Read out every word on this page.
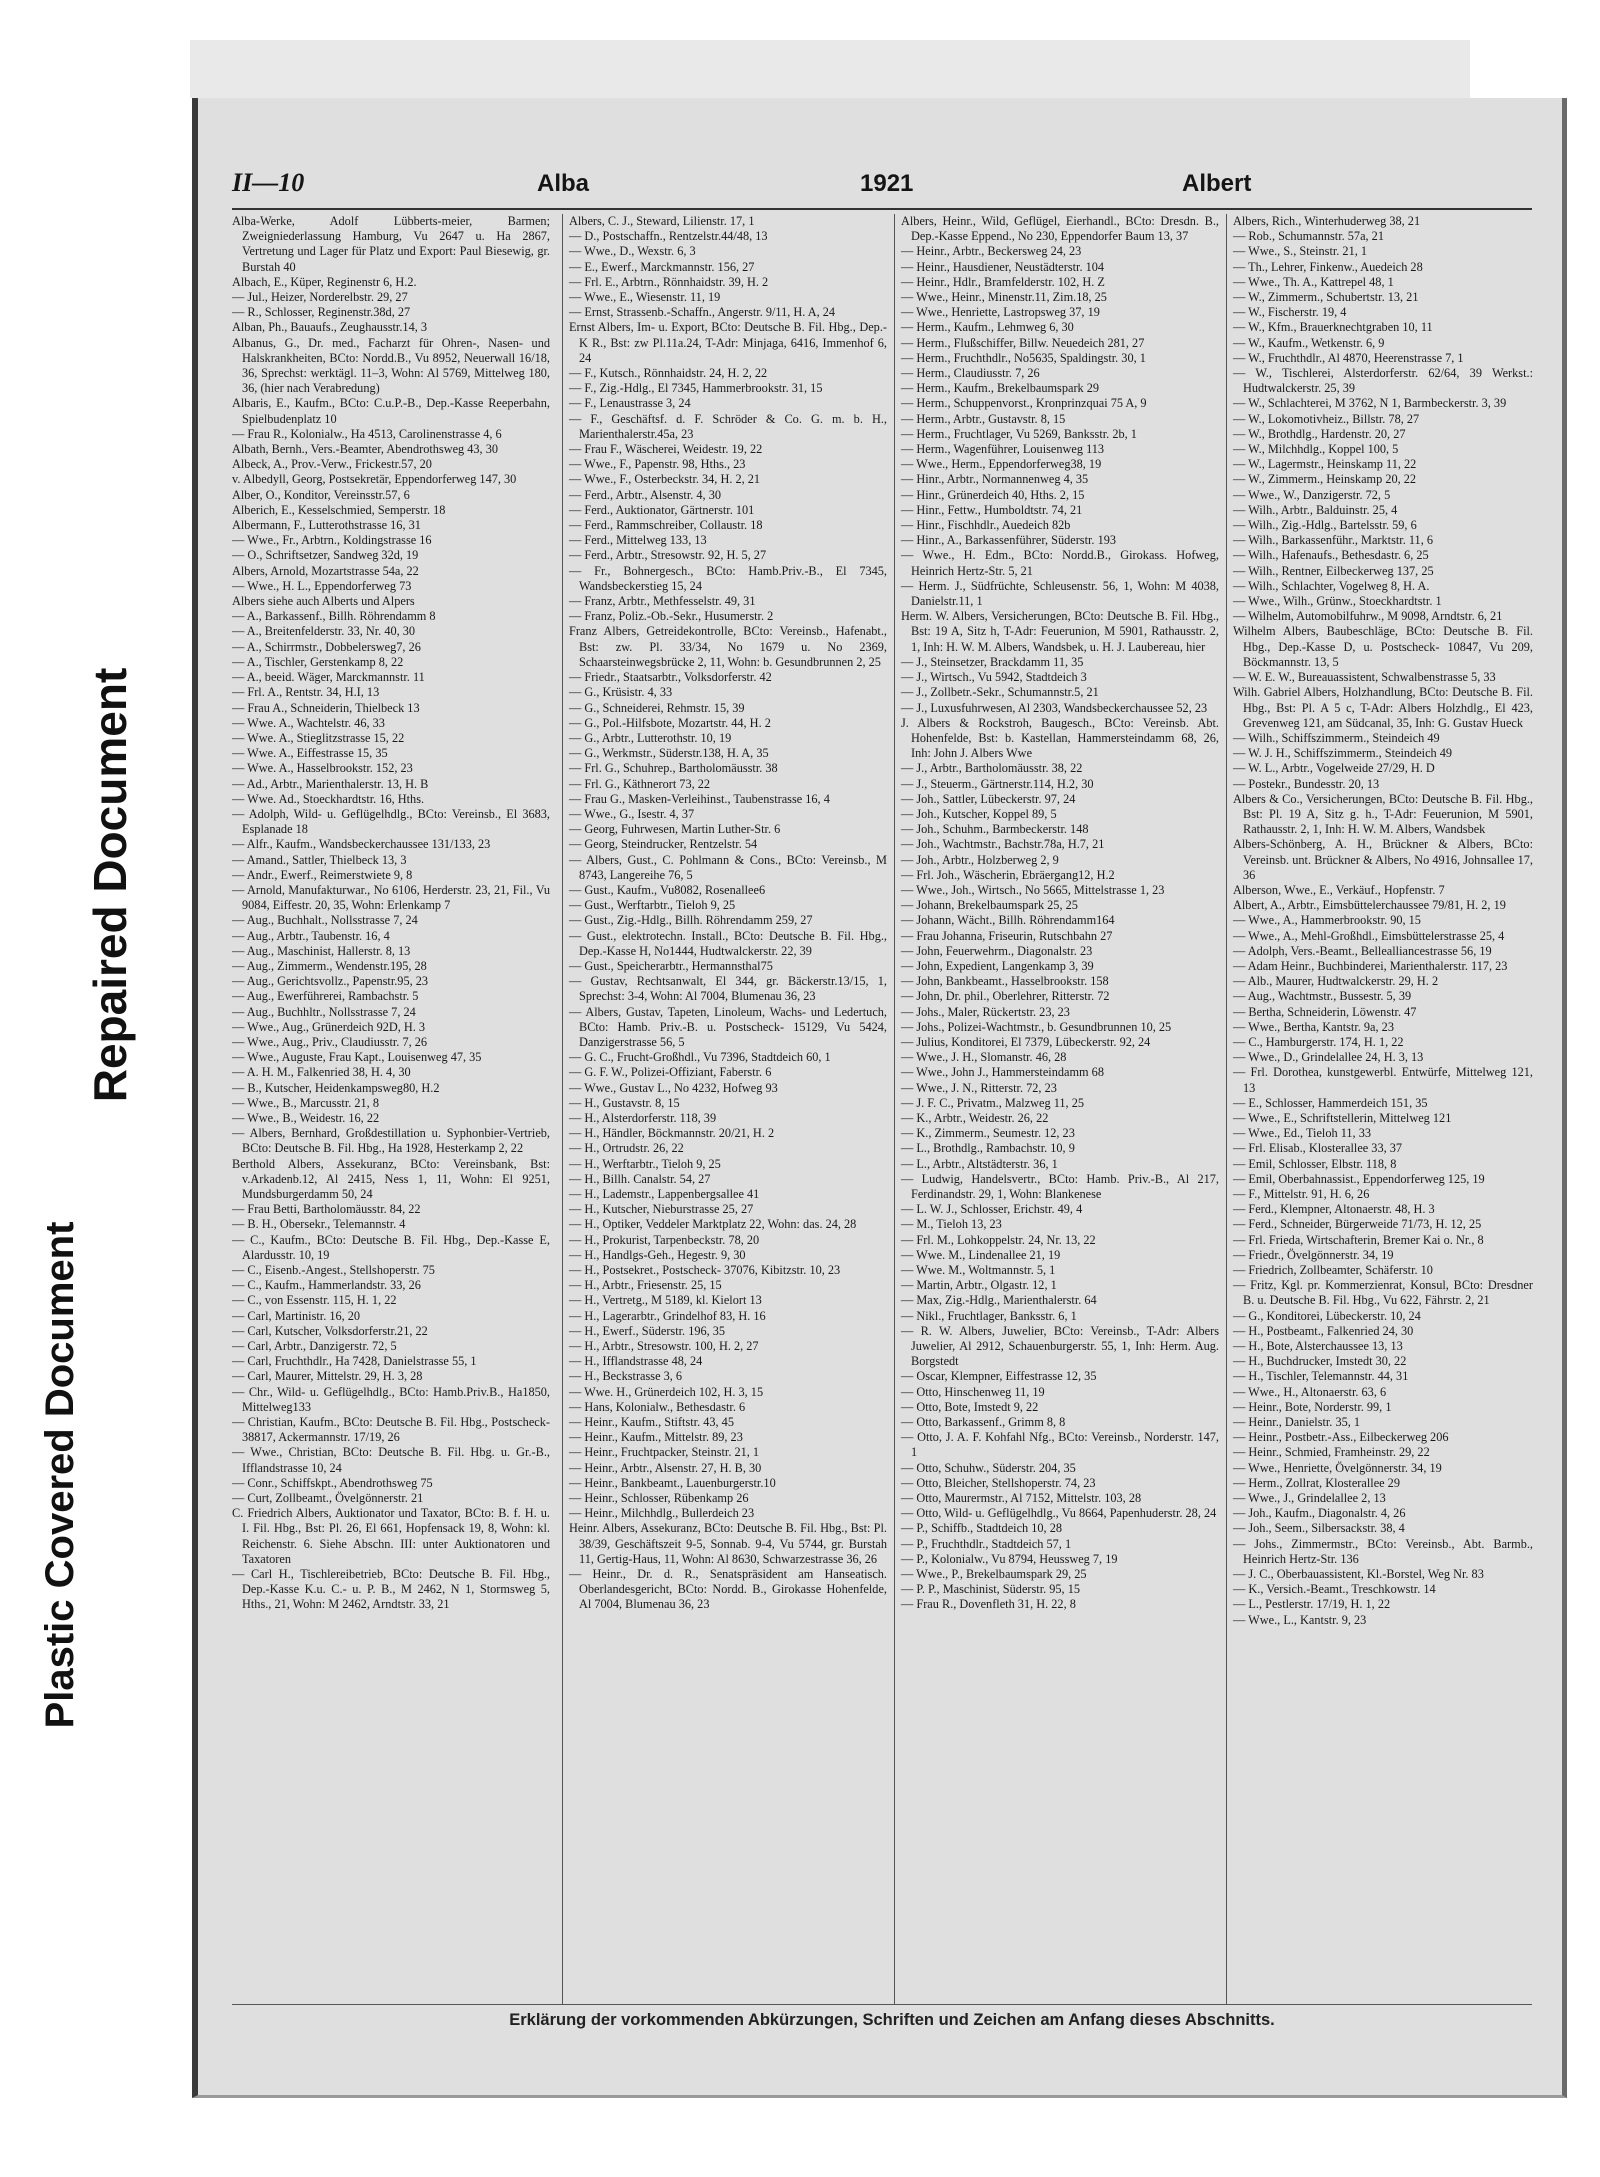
Plastic Covered Document
Repaired Document
II—10	Alba	1921	Albert

Alba-Werke, Adolf Lübberts-meier, Barmen; Zweigniederlassung Hamburg, Vu 2647 u. Ha 2867, Vertretung und Lager für Platz und Export: Paul Biesewig, gr. Burstah 40

Albach, E., Küper, Reginenstr 6, H.2.

— Jul., Heizer, Norderelbstr. 29, 27

— R., Schlosser, Reginenstr.38d, 27

Alban, Ph., Bauaufs., Zeughausstr.14, 3

Albanus, G., Dr. med., Facharzt für Ohren-, Nasen- und Halskrankheiten, BCto: Nordd.B., Vu 8952, Neuerwall 16/18, 36, Sprechst: werktägl. 11–3, Wohn: Al 5769, Mittelweg 180, 36, (hier nach Verabredung)

Albaris, E., Kaufm., BCto: C.u.P.-B., Dep.-Kasse Reeperbahn, Spielbudenplatz 10

— Frau R., Kolonialw., Ha 4513, Carolinenstrasse 4, 6

Albath, Bernh., Vers.-Beamter, Abendrothsweg 43, 30

Albeck, A., Prov.-Verw., Frickestr.57, 20

v. Albedyll, Georg, Postsekretär, Eppendorferweg 147, 30

Alber, O., Konditor, Vereinsstr.57, 6

Alberich, E., Kesselschmied, Semperstr. 18

Albermann, F., Lutterothstrasse 16, 31

— Wwe., Fr., Arbtrn., Koldingstrasse 16

— O., Schriftsetzer, Sandweg 32d, 19

Albers, Arnold, Mozartstrasse 54a, 22

— Wwe., H. L., Eppendorferweg 73

Albers siehe auch Alberts und Alpers

— A., Barkassenf., Billh. Röhrendamm 8

— A., Breitenfelderstr. 33, Nr. 40, 30

— A., Schirrmstr., Dobbelersweg7, 26

— A., Tischler, Gerstenkamp 8, 22

— A., beeid. Wäger, Marckmannstr. 11

— Frl. A., Rentstr. 34, H.I, 13

— Frau A., Schneiderin, Thielbeck 13

— Wwe. A., Wachtelstr. 46, 33

— Wwe. A., Stieglitzstrasse 15, 22

— Wwe. A., Eiffestrasse 15, 35

— Wwe. A., Hasselbrookstr. 152, 23

— Ad., Arbtr., Marienthalerstr. 13, H. B

— Wwe. Ad., Stoeckhardtstr. 16, Hths.

— Adolph, Wild- u. Geflügelhdlg., BCto: Vereinsb., El 3683, Esplanade 18

— Alfr., Kaufm., Wandsbeckerchaussee 131/133, 23

— Amand., Sattler, Thielbeck 13, 3

— Andr., Ewerf., Reimerstwiete 9, 8

— Arnold, Manufakturwar., No 6106, Herderstr. 23, 21, Fil., Vu 9084, Eiffestr. 20, 35, Wohn: Erlenkamp 7

— Aug., Buchhalt., Nollsstrasse 7, 24

— Aug., Arbtr., Taubenstr. 16, 4

— Aug., Maschinist, Hallerstr. 8, 13

— Aug., Zimmerm., Wendenstr.195, 28

— Aug., Gerichtsvollz., Papenstr.95, 23

— Aug., Ewerführerei, Rambachstr. 5

— Aug., Buchhltr., Nollsstrasse 7, 24

— Wwe., Aug., Grünerdeich 92D, H. 3

— Wwe., Aug., Priv., Claudiusstr. 7, 26

— Wwe., Auguste, Frau Kapt., Louisenweg 47, 35

— A. H. M., Falkenried 38, H. 4, 30

— B., Kutscher, Heidenkampsweg80, H.2

— Wwe., B., Marcusstr. 21, 8

— Wwe., B., Weidestr. 16, 22

— Albers, Bernhard, Großdestillation u. Syphonbier-Vertrieb, BCto: Deutsche B. Fil. Hbg., Ha 1928, Hesterkamp 2, 22

Berthold Albers, Assekuranz, BCto: Vereinsbank, Bst: v.Arkadenb.12, Al 2415, Ness 1, 11, Wohn: El 9251, Mundsburgerdamm 50, 24

— Frau Betti, Bartholomäusstr. 84, 22

— B. H., Obersekr., Telemannstr. 4

— C., Kaufm., BCto: Deutsche B. Fil. Hbg., Dep.-Kasse E, Alardusstr. 10, 19

— C., Eisenb.-Angest., Stellshoperstr. 75

— C., Kaufm., Hammerlandstr. 33, 26

— C., von Essenstr. 115, H. 1, 22

— Carl, Martinistr. 16, 20

— Carl, Kutscher, Volksdorferstr.21, 22

— Carl, Arbtr., Danzigerstr. 72, 5

— Carl, Fruchthdlr., Ha 7428, Danielstrasse 55, 1

— Carl, Maurer, Mittelstr. 29, H. 3, 28

— Chr., Wild- u. Geflügelhdlg., BCto: Hamb.Priv.B., Ha1850, Mittelweg133

— Christian, Kaufm., BCto: Deutsche B. Fil. Hbg., Postscheck- 38817, Ackermannstr. 17/19, 26

— Wwe., Christian, BCto: Deutsche B. Fil. Hbg. u. Gr.-B., Ifflandstrasse 10, 24

— Conr., Schiffskpt., Abendrothsweg 75

— Curt, Zollbeamt., Övelgönnerstr. 21

C. Friedrich Albers, Auktionator und Taxator, BCto: B. f. H. u. I. Fil. Hbg., Bst: Pl. 26, El 661, Hopfensack 19, 8, Wohn: kl. Reichenstr. 6. Siehe Abschn. III: unter Auktionatoren und Taxatoren

— Carl H., Tischlereibetrieb, BCto: Deutsche B. Fil. Hbg., Dep.-Kasse K.u. C.- u. P. B., M 2462, N 1, Stormsweg 5, Hths., 21, Wohn: M 2462, Arndtstr. 33, 21

Albers, C. J., Steward, Lilienstr. 17, 1

— D., Postschaffn., Rentzelstr.44/48, 13

— Wwe., D., Wexstr. 6, 3

— E., Ewerf., Marckmannstr. 156, 27

— Frl. E., Arbtrn., Rönnhaidstr. 39, H. 2

— Wwe., E., Wiesenstr. 11, 19

— Ernst, Strassenb.-Schaffn., Angerstr. 9/11, H. A, 24

Ernst Albers, Im- u. Export, BCto: Deutsche B. Fil. Hbg., Dep.-K R., Bst: zw Pl.11a.24, T-Adr: Minjaga, 6416, Immenhof 6, 24

— F., Kutsch., Rönnhaidstr. 24, H. 2, 22

— F., Zig.-Hdlg., El 7345, Hammerbrookstr. 31, 15

— F., Lenaustrasse 3, 24

— F., Geschäftsf. d. F. Schröder & Co. G. m. b. H., Marienthalerstr.45a, 23

— Frau F., Wäscherei, Weidestr. 19, 22

— Wwe., F., Papenstr. 98, Hths., 23

— Wwe., F., Osterbeckstr. 34, H. 2, 21

— Ferd., Arbtr., Alsenstr. 4, 30

— Ferd., Auktionator, Gärtnerstr. 101

— Ferd., Rammschreiber, Collaustr. 18

— Ferd., Mittelweg 133, 13

— Ferd., Arbtr., Stresowstr. 92, H. 5, 27

— Fr., Bohnergesch., BCto: Hamb.Priv.-B., El 7345, Wandsbeckerstieg 15, 24

— Franz, Arbtr., Methfesselstr. 49, 31

— Franz, Poliz.-Ob.-Sekr., Husumerstr. 2

Franz Albers, Getreidekontrolle, BCto: Vereinsb., Hafenabt., Bst: zw. Pl. 33/34, No 1679 u. No 2369, Schaarsteinwegsbrücke 2, 11, Wohn: b. Gesundbrunnen 2, 25

— Friedr., Staatsarbtr., Volksdorferstr. 42

— G., Krüsistr. 4, 33

— G., Schneiderei, Rehmstr. 15, 39

— G., Pol.-Hilfsbote, Mozartstr. 44, H. 2

— G., Arbtr., Lutterothstr. 10, 19

— G., Werkmstr., Süderstr.138, H. A, 35

— Frl. G., Schuhrep., Bartholomäusstr. 38

— Frl. G., Käthnerort 73, 22

— Frau G., Masken-Verleihinst., Taubenstrasse 16, 4

— Wwe., G., Isestr. 4, 37

— Georg, Fuhrwesen, Martin Luther-Str. 6

— Georg, Steindrucker, Rentzelstr. 54

— Albers, Gust., C. Pohlmann & Cons., BCto: Vereinsb., M 8743, Langereihe 76, 5

— Gust., Kaufm., Vu8082, Rosenallee6

— Gust., Werftarbtr., Tieloh 9, 25

— Gust., Zig.-Hdlg., Billh. Röhrendamm 259, 27

— Gust., elektrotechn. Install., BCto: Deutsche B. Fil. Hbg., Dep.-Kasse H, No1444, Hudtwalckerstr. 22, 39

— Gust., Speicherarbtr., Hermannsthal75

— Gustav, Rechtsanwalt, El 344, gr. Bäckerstr.13/15, 1, Sprechst: 3-4, Wohn: Al 7004, Blumenau 36, 23

— Albers, Gustav, Tapeten, Linoleum, Wachs- und Ledertuch, BCto: Hamb. Priv.-B. u. Postscheck- 15129, Vu 5424, Danzigerstrasse 56, 5

— G. C., Frucht-Großhdl., Vu 7396, Stadtdeich 60, 1

— G. F. W., Polizei-Offiziant, Faberstr. 6

— Wwe., Gustav L., No 4232, Hofweg 93

— H., Gustavstr. 8, 15

— H., Alsterdorferstr. 118, 39

— H., Händler, Böckmannstr. 20/21, H. 2

— H., Ortrudstr. 26, 22

— H., Werftarbtr., Tieloh 9, 25

— H., Billh. Canalstr. 54, 27

— H., Lademstr., Lappenbergsallee 41

— H., Kutscher, Nieburstrasse 25, 27

— H., Optiker, Veddeler Marktplatz 22, Wohn: das. 24, 28

— H., Prokurist, Tarpenbeckstr. 78, 20

— H., Handlgs-Geh., Hegestr. 9, 30

— H., Postsekret., Postscheck- 37076, Kibitzstr. 10, 23

— H., Arbtr., Friesenstr. 25, 15

— H., Vertretg., M 5189, kl. Kielort 13

— H., Lagerarbtr., Grindelhof 83, H. 16

— H., Ewerf., Süderstr. 196, 35

— H., Arbtr., Stresowstr. 100, H. 2, 27

— H., Ifflandstrasse 48, 24

— H., Beckstrasse 3, 6

— Wwe. H., Grünerdeich 102, H. 3, 15

— Hans, Kolonialw., Bethesdastr. 6

— Heinr., Kaufm., Stiftstr. 43, 45

— Heinr., Kaufm., Mittelstr. 89, 23

— Heinr., Fruchtpacker, Steinstr. 21, 1

— Heinr., Arbtr., Alsenstr. 27, H. B, 30

— Heinr., Bankbeamt., Lauenburgerstr.10

— Heinr., Schlosser, Rübenkamp 26

— Heinr., Milchhdlg., Bullerdeich 23

Heinr. Albers, Assekuranz, BCto: Deutsche B. Fil. Hbg., Bst: Pl. 38/39, Geschäftszeit 9-5, Sonnab. 9-4, Vu 5744, gr. Burstah 11, Gertig-Haus, 11, Wohn: Al 8630, Schwarzestrasse 36, 26

— Heinr., Dr. d. R., Senatspräsident am Hanseatisch. Oberlandesgericht, BCto: Nordd. B., Girokasse Hohenfelde, Al 7004, Blumenau 36, 23

Albers, Heinr., Wild, Geflügel, Eierhandl., BCto: Dresdn. B., Dep.-Kasse Eppend., No 230, Eppendorfer Baum 13, 37

— Heinr., Arbtr., Beckersweg 24, 23

— Heinr., Hausdiener, Neustädterstr. 104

— Heinr., Hdlr., Bramfelderstr. 102, H. Z

— Wwe., Heinr., Minenstr.11, Zim.18, 25

— Wwe., Henriette, Lastropsweg 37, 19

— Herm., Kaufm., Lehmweg 6, 30

— Herm., Flußschiffer, Billw. Neuedeich 281, 27

— Herm., Fruchthdlr., No5635, Spaldingstr. 30, 1

— Herm., Claudiusstr. 7, 26

— Herm., Kaufm., Brekelbaumspark 29

— Herm., Schuppenvorst., Kronprinzquai 75 A, 9

— Herm., Arbtr., Gustavstr. 8, 15

— Herm., Fruchtlager, Vu 5269, Banksstr. 2b, 1

— Herm., Wagenführer, Louisenweg 113

— Wwe., Herm., Eppendorferweg38, 19

— Hinr., Arbtr., Normannenweg 4, 35

— Hinr., Grünerdeich 40, Hths. 2, 15

— Hinr., Fettw., Humboldtstr. 74, 21

— Hinr., Fischhdlr., Auedeich 82b

— Hinr., A., Barkassenführer, Süderstr. 193

— Wwe., H. Edm., BCto: Nordd.B., Girokass. Hofweg, Heinrich Hertz-Str. 5, 21

— Herm. J., Südfrüchte, Schleusenstr. 56, 1, Wohn: M 4038, Danielstr.11, 1

Herm. W. Albers, Versicherungen, BCto: Deutsche B. Fil. Hbg., Bst: 19 A, Sitz h, T-Adr: Feuerunion, M 5901, Rathausstr. 2, 1, Inh: H. W. M. Albers, Wandsbek, u. H. J. Laubereau, hier

— J., Steinsetzer, Brackdamm 11, 35

— J., Wirtsch., Vu 5942, Stadtdeich 3

— J., Zollbetr.-Sekr., Schumannstr.5, 21

— J., Luxusfuhrwesen, Al 2303, Wandsbeckerchaussee 52, 23

J. Albers & Rockstroh, Baugesch., BCto: Vereinsb. Abt. Hohenfelde, Bst: b. Kastellan, Hammersteindamm 68, 26, Inh: John J. Albers Wwe

— J., Arbtr., Bartholomäusstr. 38, 22

— J., Steuerm., Gärtnerstr.114, H.2, 30

— Joh., Sattler, Lübeckerstr. 97, 24

— Joh., Kutscher, Koppel 89, 5

— Joh., Schuhm., Barmbeckerstr. 148

— Joh., Wachtmstr., Bachstr.78a, H.7, 21

— Joh., Arbtr., Holzberweg 2, 9

— Frl. Joh., Wäscherin, Ebräergang12, H.2

— Wwe., Joh., Wirtsch., No 5665, Mittelstrasse 1, 23

— Johann, Brekelbaumspark 25, 25

— Johann, Wächt., Billh. Röhrendamm164

— Frau Johanna, Friseurin, Rutschbahn 27

— John, Feuerwehrm., Diagonalstr. 23

— John, Expedient, Langenkamp 3, 39

— John, Bankbeamt., Hasselbrookstr. 158

— John, Dr. phil., Oberlehrer, Ritterstr. 72

— Johs., Maler, Rückertstr. 23, 23

— Johs., Polizei-Wachtmstr., b. Gesundbrunnen 10, 25

— Julius, Konditorei, El 7379, Lübeckerstr. 92, 24

— Wwe., J. H., Slomanstr. 46, 28

— Wwe., John J., Hammersteindamm 68

— Wwe., J. N., Ritterstr. 72, 23

— J. F. C., Privatm., Malzweg 11, 25

— K., Arbtr., Weidestr. 26, 22

— K., Zimmerm., Seumestr. 12, 23

— L., Brothdlg., Rambachstr. 10, 9

— L., Arbtr., Altstädterstr. 36, 1

— Ludwig, Handelsvertr., BCto: Hamb. Priv.-B., Al 217, Ferdinandstr. 29, 1, Wohn: Blankenese

— L. W. J., Schlosser, Erichstr. 49, 4

— M., Tieloh 13, 23

— Frl. M., Lohkoppelstr. 24, Nr. 13, 22

— Wwe. M., Lindenallee 21, 19

— Wwe. M., Woltmannstr. 5, 1

— Martin, Arbtr., Olgastr. 12, 1

— Max, Zig.-Hdlg., Marienthalerstr. 64

— Nikl., Fruchtlager, Banksstr. 6, 1

— R. W. Albers, Juwelier, BCto: Vereinsb., T-Adr: Albers Juwelier, Al 2912, Schauenburgerstr. 55, 1, Inh: Herm. Aug. Borgstedt

— Oscar, Klempner, Eiffestrasse 12, 35

— Otto, Hinschenweg 11, 19

— Otto, Bote, Imstedt 9, 22

— Otto, Barkassenf., Grimm 8, 8

— Otto, J. A. F. Kohfahl Nfg., BCto: Vereinsb., Norderstr. 147, 1

— Otto, Schuhw., Süderstr. 204, 35

— Otto, Bleicher, Stellshoperstr. 74, 23

— Otto, Maurermstr., Al 7152, Mittelstr. 103, 28

— Otto, Wild- u. Geflügelhdlg., Vu 8664, Papenhuderstr. 28, 24

— P., Schiffb., Stadtdeich 10, 28

— P., Fruchthdlr., Stadtdeich 57, 1

— P., Kolonialw., Vu 8794, Heussweg 7, 19

— Wwe., P., Brekelbaumspark 29, 25

— P. P., Maschinist, Süderstr. 95, 15

— Frau R., Dovenfleth 31, H. 22, 8

Albers, Rich., Winterhuderweg 38, 21

— Rob., Schumannstr. 57a, 21

— Wwe., S., Steinstr. 21, 1

— Th., Lehrer, Finkenw., Auedeich 28

— Wwe., Th. A., Kattrepel 48, 1

— W., Zimmerm., Schubertstr. 13, 21

— W., Fischerstr. 19, 4

— W., Kfm., Brauerknechtgraben 10, 11

— W., Kaufm., Wetkenstr. 6, 9

— W., Fruchthdlr., Al 4870, Heerenstrasse 7, 1

— W., Tischlerei, Alsterdorferstr. 62/64, 39 Werkst.: Hudtwalckerstr. 25, 39

— W., Schlachterei, M 3762, N 1, Barmbeckerstr. 3, 39

— W., Lokomotivheiz., Billstr. 78, 27

— W., Brothdlg., Hardenstr. 20, 27

— W., Milchhdlg., Koppel 100, 5

— W., Lagermstr., Heinskamp 11, 22

— W., Zimmerm., Heinskamp 20, 22

— Wwe., W., Danzigerstr. 72, 5

— Wilh., Arbtr., Balduinstr. 25, 4

— Wilh., Zig.-Hdlg., Bartelsstr. 59, 6

— Wilh., Barkassenführ., Marktstr. 11, 6

— Wilh., Hafenaufs., Bethesdastr. 6, 25

— Wilh., Rentner, Eilbeckerweg 137, 25

— Wilh., Schlachter, Vogelweg 8, H. A.

— Wwe., Wilh., Grünw., Stoeckhardtstr. 1

— Wilhelm, Automobilfuhrw., M 9098, Arndtstr. 6, 21

Wilhelm Albers, Baubeschläge, BCto: Deutsche B. Fil. Hbg., Dep.-Kasse D, u. Postscheck- 10847, Vu 209, Böckmannstr. 13, 5

— W. E. W., Bureauassistent, Schwalbenstrasse 5, 33

Wilh. Gabriel Albers, Holzhandlung, BCto: Deutsche B. Fil. Hbg., Bst: Pl. A 5 c, T-Adr: Albers Holzhdlg., El 423, Grevenweg 121, am Südcanal, 35, Inh: G. Gustav Hueck

— Wilh., Schiffszimmerm., Steindeich 49

— W. J. H., Schiffszimmerm., Steindeich 49

— W. L., Arbtr., Vogelweide 27/29, H. D

— Postekr., Bundesstr. 20, 13

Albers & Co., Versicherungen, BCto: Deutsche B. Fil. Hbg., Bst: Pl. 19 A, Sitz g. h., T-Adr: Feuerunion, M 5901, Rathausstr. 2, 1, Inh: H. W. M. Albers, Wandsbek

Albers-Schönberg, A. H., Brückner & Albers, BCto: Vereinsb. unt. Brückner & Albers, No 4916, Johnsallee 17, 36

Alberson, Wwe., E., Verkäuf., Hopfenstr. 7

Albert, A., Arbtr., Eimsbüttelerchaussee 79/81, H. 2, 19

— Wwe., A., Hammerbrookstr. 90, 15

— Wwe., A., Mehl-Großhdl., Eimsbüttelerstrasse 25, 4

— Adolph, Vers.-Beamt., Bellealliancestrasse 56, 19

— Adam Heinr., Buchbinderei, Marienthalerstr. 117, 23

— Alb., Maurer, Hudtwalckerstr. 29, H. 2

— Aug., Wachtmstr., Bussestr. 5, 39

— Bertha, Schneiderin, Löwenstr. 47

— Wwe., Bertha, Kantstr. 9a, 23

— C., Hamburgerstr. 174, H. 1, 22

— Wwe., D., Grindelallee 24, H. 3, 13

— Frl. Dorothea, kunstgewerbl. Entwürfe, Mittelweg 121, 13

— E., Schlosser, Hammerdeich 151, 35

— Wwe., E., Schriftstellerin, Mittelweg 121

— Wwe., Ed., Tieloh 11, 33

— Frl. Elisab., Klosterallee 33, 37

— Emil, Schlosser, Elbstr. 118, 8

— Emil, Oberbahnassist., Eppendorferweg 125, 19

— F., Mittelstr. 91, H. 6, 26

— Ferd., Klempner, Altonaerstr. 48, H. 3

— Ferd., Schneider, Bürgerweide 71/73, H. 12, 25

— Frl. Frieda, Wirtschafterin, Bremer Kai o. Nr., 8

— Friedr., Övelgönnerstr. 34, 19

— Friedrich, Zollbeamter, Schäferstr. 10

— Fritz, Kgl. pr. Kommerzienrat, Konsul, BCto: Dresdner B. u. Deutsche B. Fil. Hbg., Vu 622, Fährstr. 2, 21

— G., Konditorei, Lübeckerstr. 10, 24

— H., Postbeamt., Falkenried 24, 30

— H., Bote, Alsterchaussee 13, 13

— H., Buchdrucker, Imstedt 30, 22

— H., Tischler, Telemannstr. 44, 31

— Wwe., H., Altonaerstr. 63, 6

— Heinr., Bote, Norderstr. 99, 1

— Heinr., Danielstr. 35, 1

— Heinr., Postbetr.-Ass., Eilbeckerweg 206

— Heinr., Schmied, Framheinstr. 29, 22

— Wwe., Henriette, Övelgönnerstr. 34, 19

— Herm., Zollrat, Klosterallee 29

— Wwe., J., Grindelallee 2, 13

— Joh., Kaufm., Diagonalstr. 4, 26

— Joh., Seem., Silbersackstr. 38, 4

— Johs., Zimmermstr., BCto: Vereinsb., Abt. Barmb., Heinrich Hertz-Str. 136

— J. C., Oberbauassistent, Kl.-Borstel, Weg Nr. 83

— K., Versich.-Beamt., Treschkowstr. 14

— L., Pestlerstr. 17/19, H. 1, 22

— Wwe., L., Kantstr. 9, 23

Erklärung der vorkommenden Abkürzungen, Schriften und Zeichen am Anfang dieses Abschnitts.
